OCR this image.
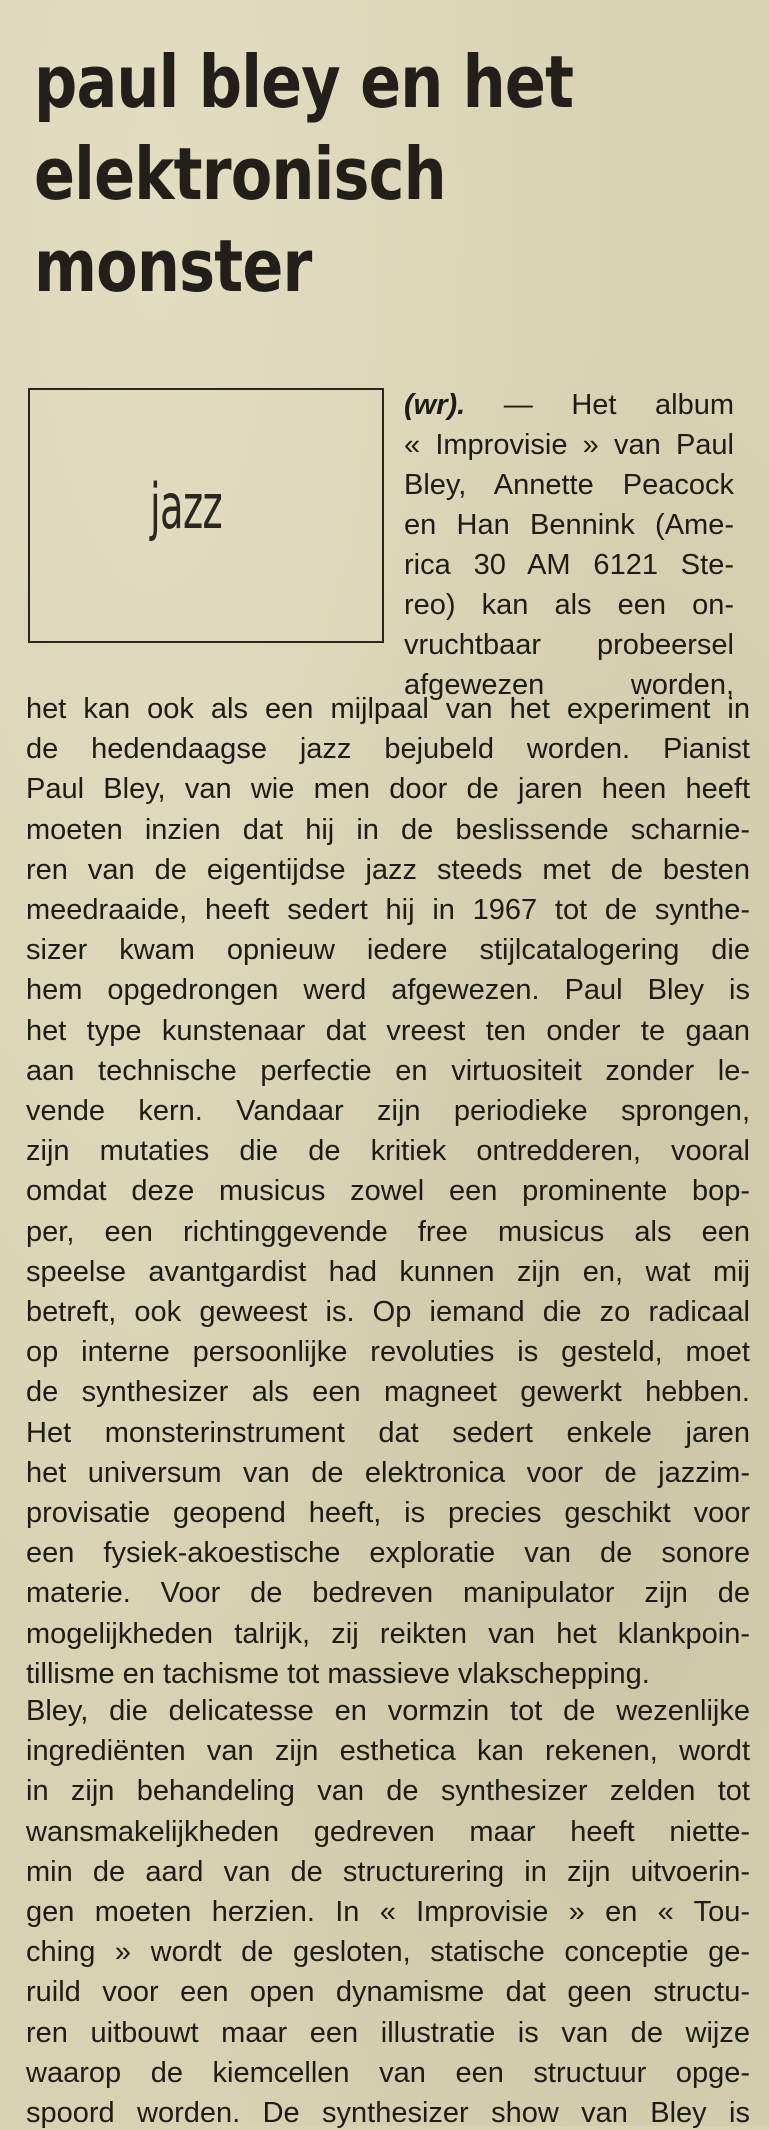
paul bley en het
elektronisch
monster
jazz

(wr). — Het album

« Improvisie » van Paul

Bley, Annette Peacock

en Han Bennink (Ame-

rica 30 AM 6121 Ste-

reo) kan als een on-

vruchtbaar probeersel

afgewezen worden,

het kan ook als een mijlpaal van het experiment in

de hedendaagse jazz bejubeld worden. Pianist

Paul Bley, van wie men door de jaren heen heeft

moeten inzien dat hij in de beslissende scharnie-

ren van de eigentijdse jazz steeds met de besten

meedraaide, heeft sedert hij in 1967 tot de synthe-

sizer kwam opnieuw iedere stijlcatalogering die

hem opgedrongen werd afgewezen. Paul Bley is

het type kunstenaar dat vreest ten onder te gaan

aan technische perfectie en virtuositeit zonder le-

vende kern. Vandaar zijn periodieke sprongen,

zijn mutaties die de kritiek ontredderen, vooral

omdat deze musicus zowel een prominente bop-

per, een richtinggevende free musicus als een

speelse avantgardist had kunnen zijn en, wat mij

betreft, ook geweest is. Op iemand die zo radicaal

op interne persoonlijke revoluties is gesteld, moet

de synthesizer als een magneet gewerkt hebben.

Het monsterinstrument dat sedert enkele jaren

het universum van de elektronica voor de jazzim-

provisatie geopend heeft, is precies geschikt voor

een fysiek-akoestische exploratie van de sonore

materie. Voor de bedreven manipulator zijn de

mogelijkheden talrijk, zij reikten van het klankpoin-

tillisme en tachisme tot massieve vlakschepping.

Bley, die delicatesse en vormzin tot de wezenlijke

ingrediënten van zijn esthetica kan rekenen, wordt

in zijn behandeling van de synthesizer zelden tot

wansmakelijkheden gedreven maar heeft niette-

min de aard van de structurering in zijn uitvoerin-

gen moeten herzien. In « Improvisie » en « Tou-

ching » wordt de gesloten, statische conceptie ge-

ruild voor een open dynamisme dat geen structu-

ren uitbouwt maar een illustratie is van de wijze

waarop de kiemcellen van een structuur opge-

spoord worden. De synthesizer show van Bley is
